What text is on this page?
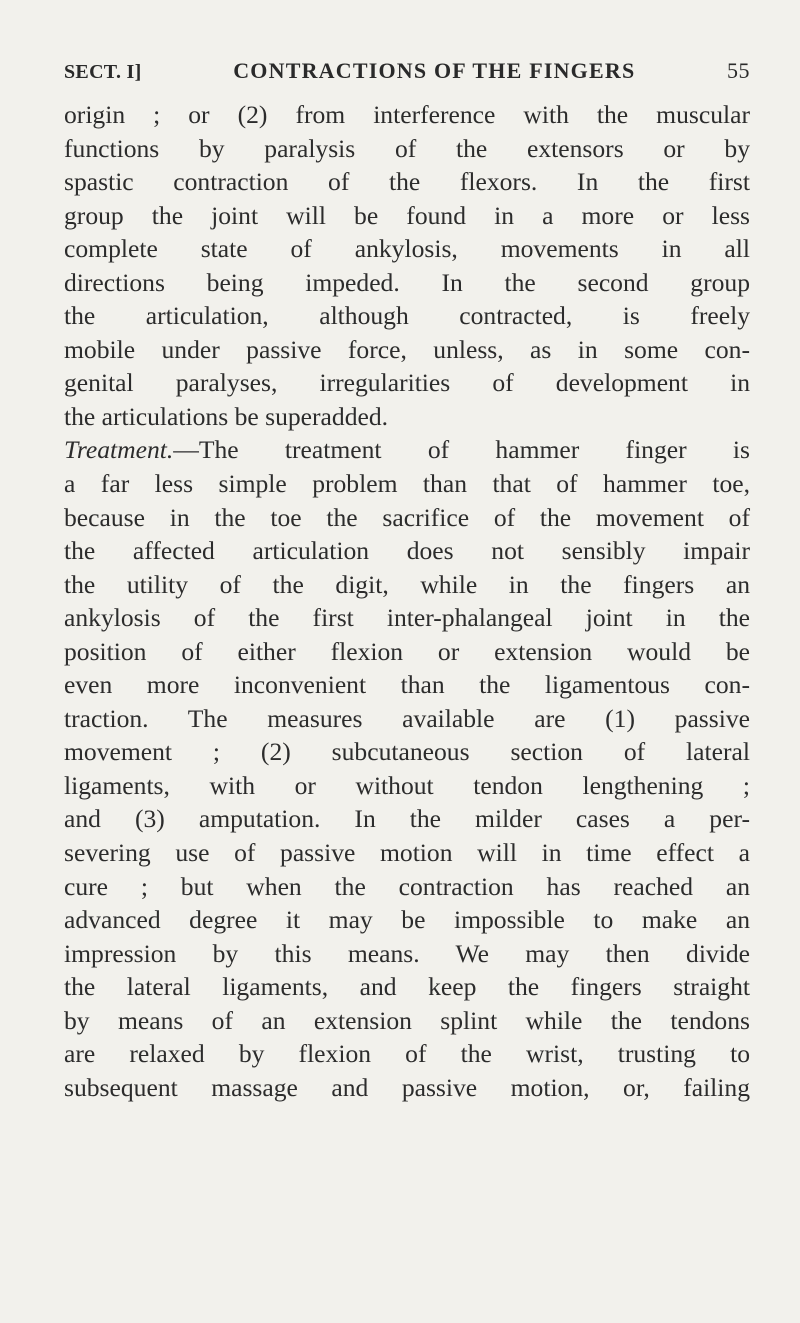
SECT. I]	CONTRACTIONS OF THE FINGERS	55
origin ; or (2) from interference with the muscular
functions by paralysis of the extensors or by
spastic contraction of the flexors. In the first
group the joint will be found in a more or less
complete state of ankylosis, movements in all
directions being impeded. In the second group
the articulation, although contracted, is freely
mobile under passive force, unless, as in some con-
genital paralyses, irregularities of development in
the articulations be superadded.
Treatment.—The treatment of hammer finger is
a far less simple problem than that of hammer toe,
because in the toe the sacrifice of the movement of
the affected articulation does not sensibly impair
the utility of the digit, while in the fingers an
ankylosis of the first inter-phalangeal joint in the
position of either flexion or extension would be
even more inconvenient than the ligamentous con-
traction. The measures available are (1) passive
movement ; (2) subcutaneous section of lateral
ligaments, with or without tendon lengthening ;
and (3) amputation. In the milder cases a per-
severing use of passive motion will in time effect a
cure ; but when the contraction has reached an
advanced degree it may be impossible to make an
impression by this means. We may then divide
the lateral ligaments, and keep the fingers straight
by means of an extension splint while the tendons
are relaxed by flexion of the wrist, trusting to
subsequent massage and passive motion, or, failing
